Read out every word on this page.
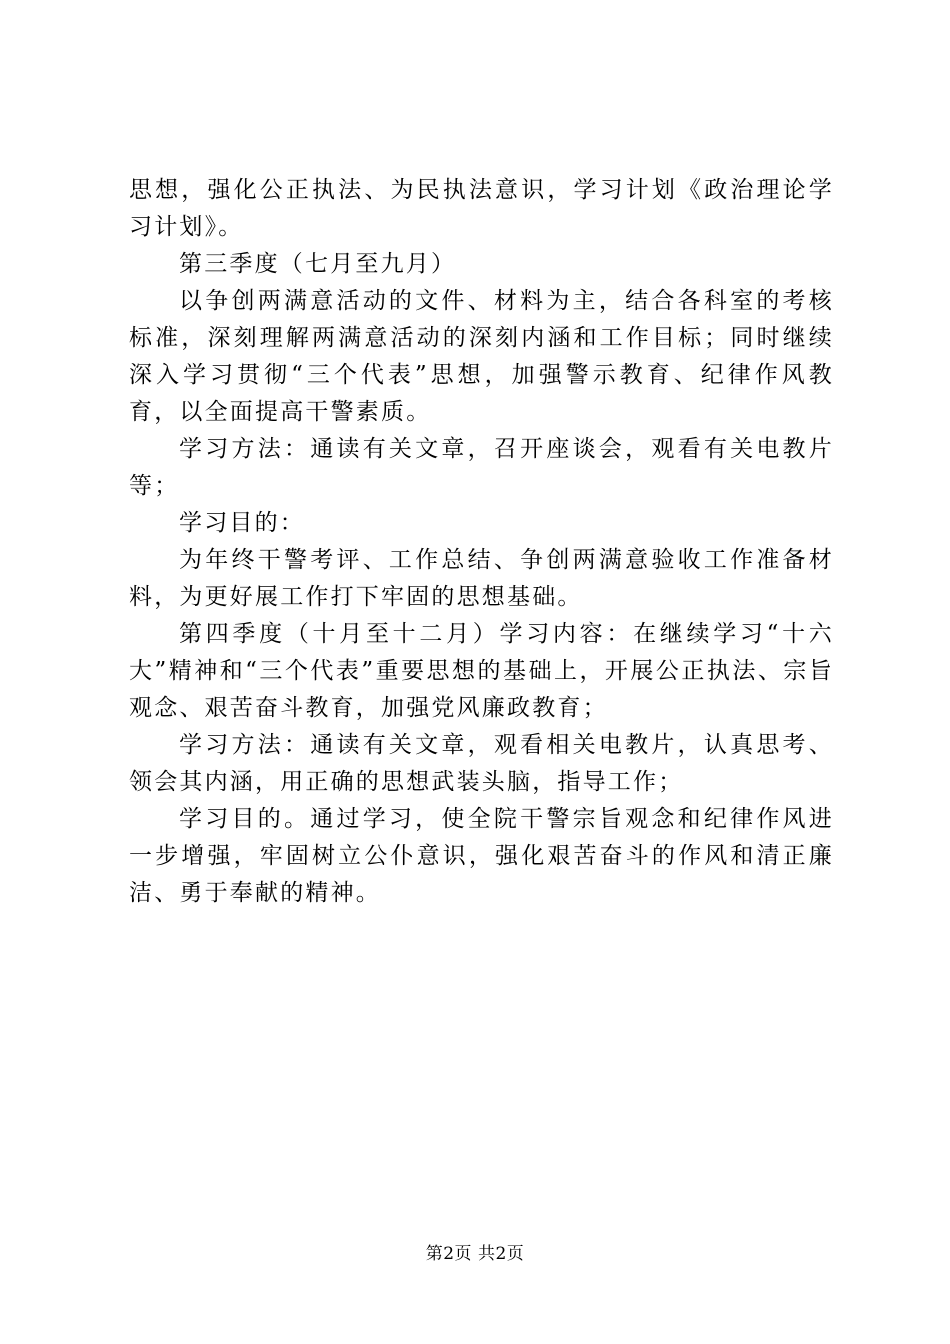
思想，强化公正执法、为民执法意识，学习计划《政治理论学习计划》。

第三季度（七月至九月）

以争创两满意活动的文件、材料为主，结合各科室的考核标准，深刻理解两满意活动的深刻内涵和工作目标；同时继续深入学习贯彻“三个代表”思想，加强警示教育、纪律作风教育，以全面提高干警素质。

学习方法：通读有关文章，召开座谈会，观看有关电教片等；

学习目的：

为年终干警考评、工作总结、争创两满意验收工作准备材料，为更好展工作打下牢固的思想基础。

第四季度（十月至十二月）学习内容：在继续学习“十六大”精神和“三个代表”重要思想的基础上，开展公正执法、宗旨观念、艰苦奋斗教育，加强党风廉政教育；

学习方法：通读有关文章，观看相关电教片，认真思考、领会其内涵，用正确的思想武装头脑，指导工作；

学习目的。通过学习，使全院干警宗旨观念和纪律作风进一步增强，牢固树立公仆意识，强化艰苦奋斗的作风和清正廉洁、勇于奉献的精神。

第2页 共2页
